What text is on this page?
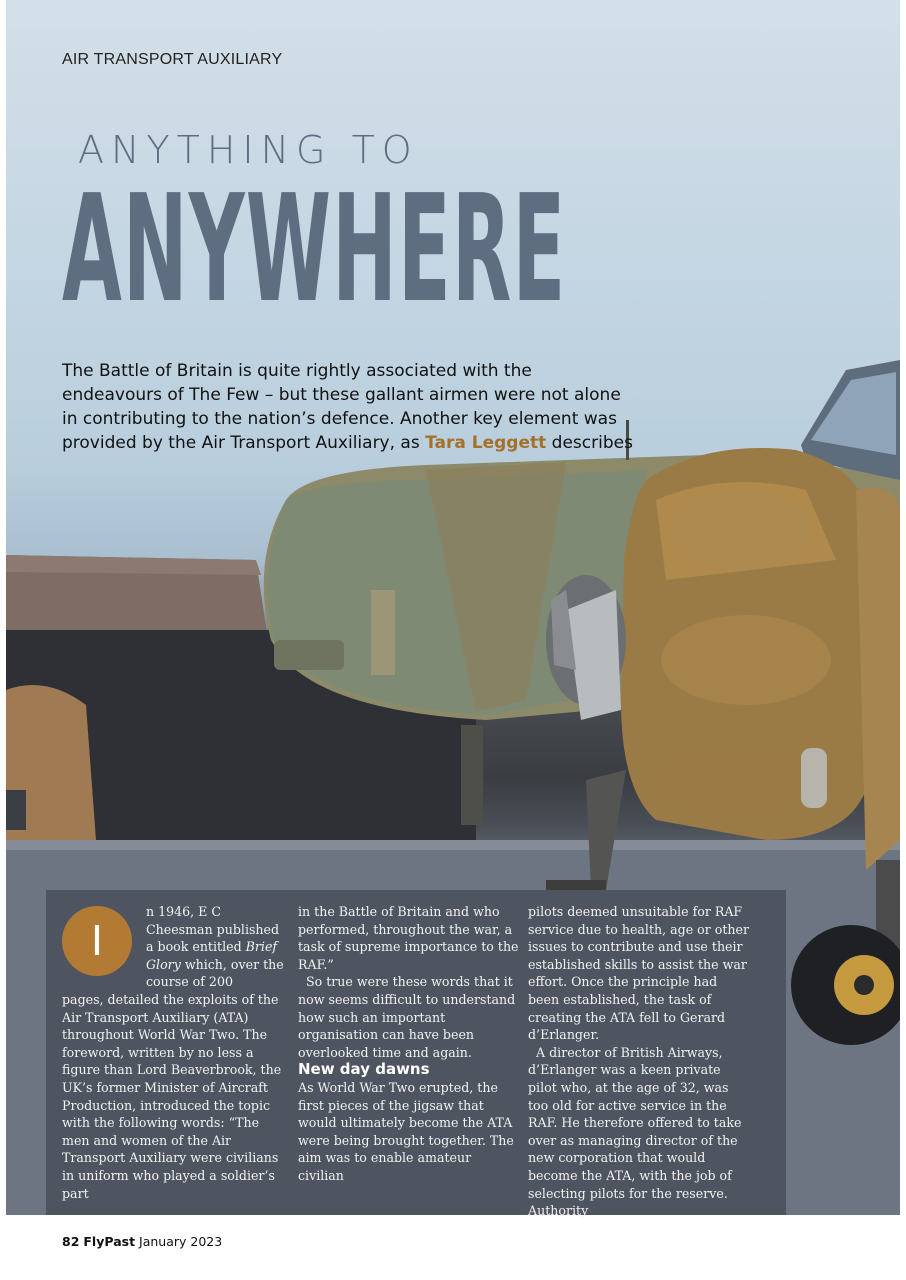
AIR TRANSPORT AUXILIARY
ANYTHING TO
ANYWHERE
The Battle of Britain is quite rightly associated with the endeavours of The Few – but these gallant airmen were not alone in contributing to the nation’s defence. Another key element was provided by the Air Transport Auxiliary, as Tara Leggett describes
I

n 1946, E C Cheesman published a book entitled Brief Glory which, over the course of 200

pages, detailed the exploits of the Air Transport Auxiliary (ATA) throughout World War Two. The foreword, written by no less a figure than Lord Beaverbrook, the UK’s former Minister of Aircraft Production, introduced the topic with the following words: “The men and women of the Air Transport Auxiliary were civilians in uniform who played a soldier’s part

in the Battle of Britain and who performed, throughout the war, a task of supreme importance to the RAF.”

So true were these words that it now seems difficult to understand how such an important organisation can have been overlooked time and again.

New day dawns

As World War Two erupted, the first pieces of the jigsaw that would ultimately become the ATA were being brought together. The aim was to enable amateur civilian

pilots deemed unsuitable for RAF service due to health, age or other issues to contribute and use their established skills to assist the war effort. Once the principle had been established, the task of creating the ATA fell to Gerard d’Erlanger.

A director of British Airways, d’Erlanger was a keen private pilot who, at the age of 32, was too old for active service in the RAF. He therefore offered to take over as managing director of the new corporation that would become the ATA, with the job of selecting pilots for the reserve. Authority

82 FlyPast January 2023
